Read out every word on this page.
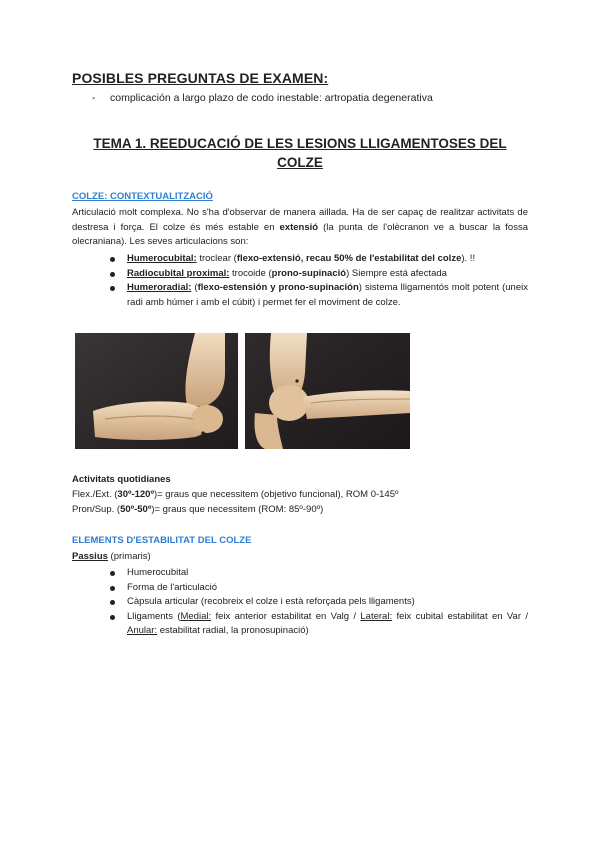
POSIBLES PREGUNTAS DE EXAMEN:
- complicación a largo plazo de codo inestable: artropatia degenerativa
TEMA 1. REEDUCACIÓ DE LES LESIONS LLIGAMENTOSES DEL COLZE
COLZE: CONTEXTUALITZACIÓ
Articulació molt complexa. No s'ha d'observar de manera aillada. Ha de ser capaç de realitzar activitats de destresa i força. El colze és més estable en extensió (la punta de l'olècranon ve a buscar la fossa olecraniana). Les seves articulacions son:
Humerocubital: troclear (flexo-extensió, recau 50% de l'estabilitat del colze). !!
Radiocubital proximal: trocoide (prono-supinació) Siempre está afectada
Humeroradial: (flexo-estensión y prono-supinación) sistema lligamentós molt potent (uneix radi amb húmer i amb el cúbit) i permet fer el moviment de colze.
Activitats quotidianes
Flex./Ext. (30º-120º)= graus que necessitem (objetivo funcional), ROM 0-145º
Pron/Sup. (50º-50º)= graus que necessitem (ROM: 85º-90º)
ELEMENTS D'ESTABILITAT DEL COLZE
Passius (primaris)
Humerocubital
Forma de l'articulació
Càpsula articular (recobreix el colze i està reforçada pels lligaments)
Lligaments (Medial: feix anterior estabilitat en Valg / Lateral: feix cubital estabilitat en Var / Anular: estabilitat radial, la pronosupinació)
